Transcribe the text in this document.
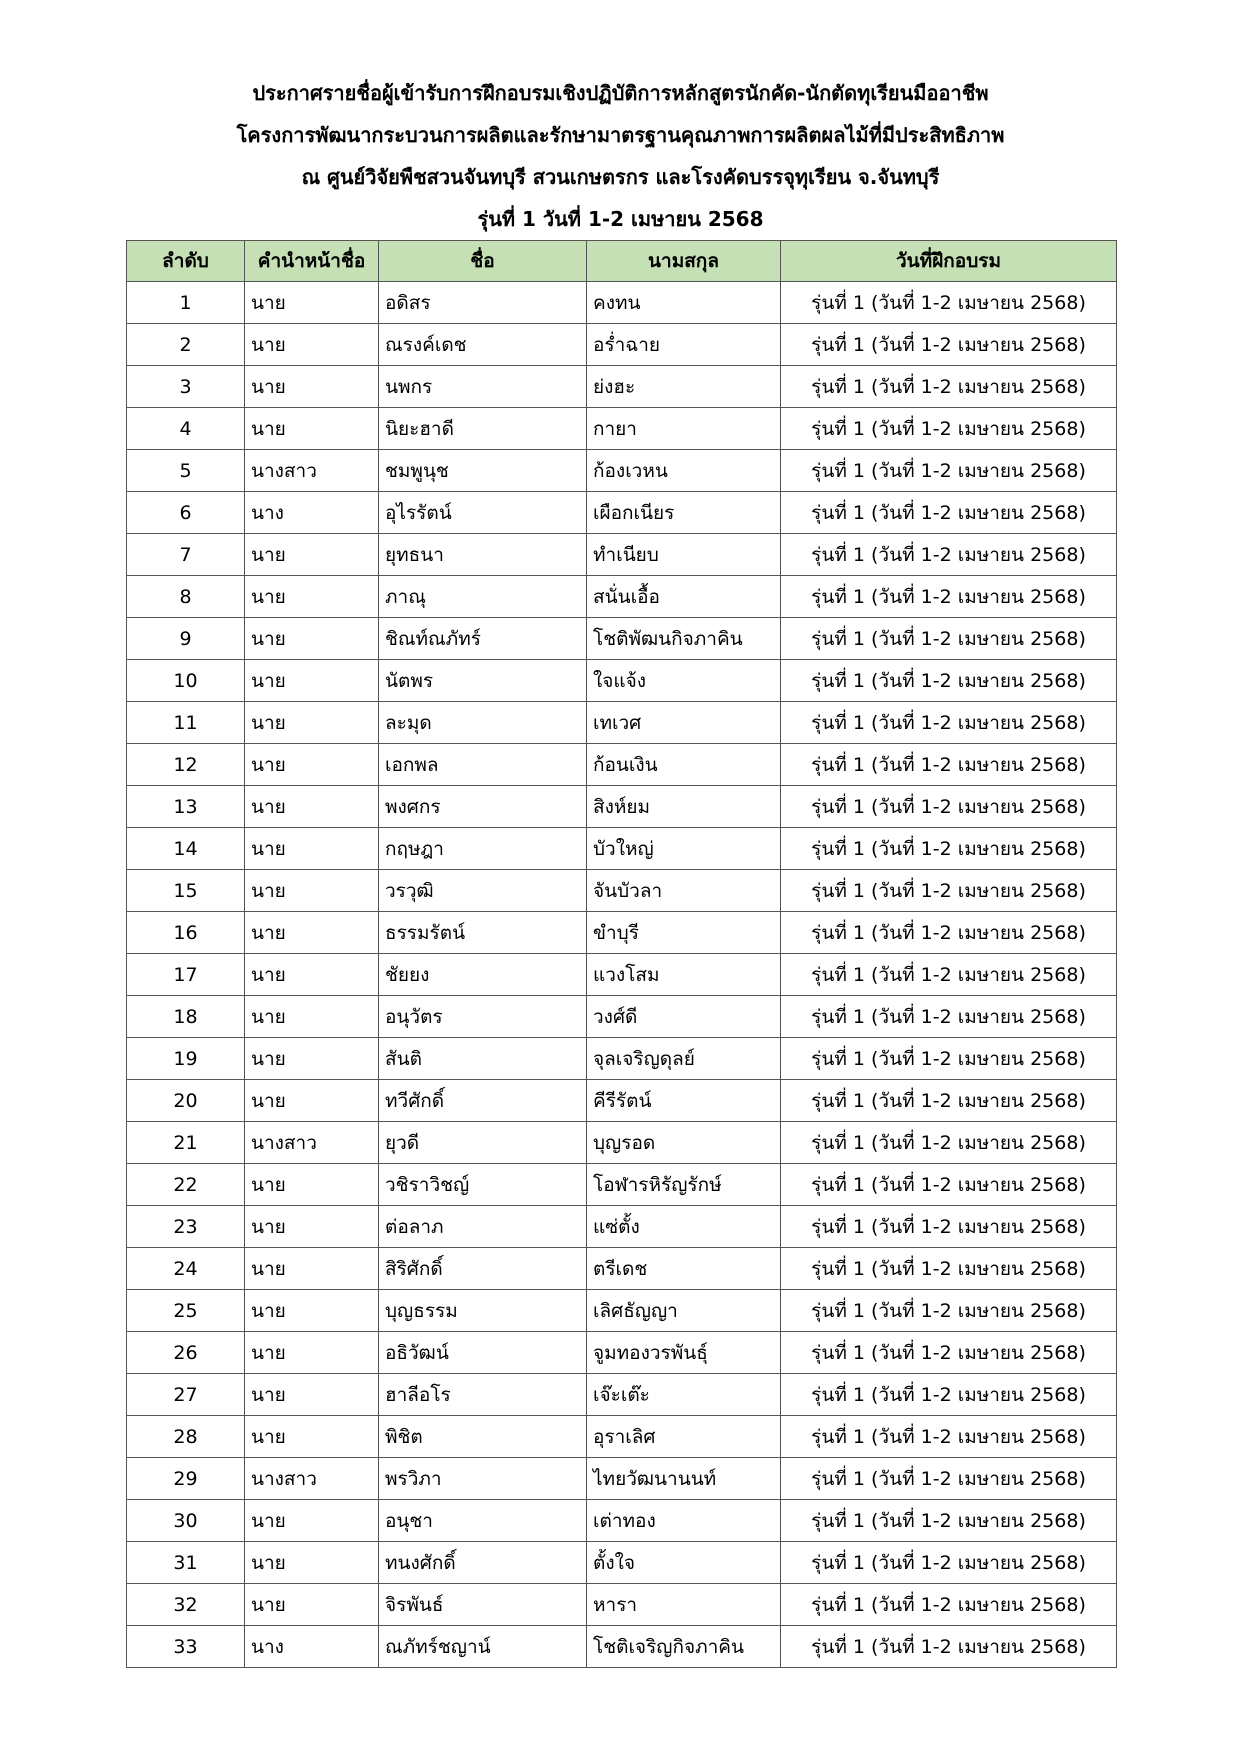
ประกาศรายชื่อผู้เข้ารับการฝึกอบรมเชิงปฏิบัติการหลักสูตรนักคัด-นักตัดทุเรียนมืออาชีพ
โครงการพัฒนากระบวนการผลิตและรักษามาตรฐานคุณภาพการผลิตผลไม้ที่มีประสิทธิภาพ
ณ ศูนย์วิจัยพืชสวนจันทบุรี สวนเกษตรกร และโรงคัดบรรจุทุเรียน จ.จันทบุรี
รุ่นที่ 1 วันที่ 1-2 เมษายน 2568
ลำดับ	คำนำหน้าชื่อ	ชื่อ	นามสกุล	วันที่ฝึกอบรม
1	นาย	อดิสร	คงทน	รุ่นที่ 1 (วันที่ 1-2 เมษายน 2568)
2	นาย	ณรงค์เดช	อร่ำฉาย	รุ่นที่ 1 (วันที่ 1-2 เมษายน 2568)
3	นาย	นพกร	ย่งฮะ	รุ่นที่ 1 (วันที่ 1-2 เมษายน 2568)
4	นาย	นิยะฮาดี	กายา	รุ่นที่ 1 (วันที่ 1-2 เมษายน 2568)
5	นางสาว	ชมพูนุช	ก้องเวหน	รุ่นที่ 1 (วันที่ 1-2 เมษายน 2568)
6	นาง	อุไรรัตน์	เผือกเนียร	รุ่นที่ 1 (วันที่ 1-2 เมษายน 2568)
7	นาย	ยุทธนา	ทำเนียบ	รุ่นที่ 1 (วันที่ 1-2 เมษายน 2568)
8	นาย	ภาณุ	สนั่นเอื้อ	รุ่นที่ 1 (วันที่ 1-2 เมษายน 2568)
9	นาย	ชิณท์ณภัทร์	โชติพัฒนกิจภาคิน	รุ่นที่ 1 (วันที่ 1-2 เมษายน 2568)
10	นาย	นัตพร	ใจแจ้ง	รุ่นที่ 1 (วันที่ 1-2 เมษายน 2568)
11	นาย	ละมุด	เทเวศ	รุ่นที่ 1 (วันที่ 1-2 เมษายน 2568)
12	นาย	เอกพล	ก้อนเงิน	รุ่นที่ 1 (วันที่ 1-2 เมษายน 2568)
13	นาย	พงศกร	สิงห์ยม	รุ่นที่ 1 (วันที่ 1-2 เมษายน 2568)
14	นาย	กฤษฎา	บัวใหญ่	รุ่นที่ 1 (วันที่ 1-2 เมษายน 2568)
15	นาย	วรวุฒิ	จันบัวลา	รุ่นที่ 1 (วันที่ 1-2 เมษายน 2568)
16	นาย	ธรรมรัตน์	ขำบุรี	รุ่นที่ 1 (วันที่ 1-2 เมษายน 2568)
17	นาย	ชัยยง	แวงโสม	รุ่นที่ 1 (วันที่ 1-2 เมษายน 2568)
18	นาย	อนุวัตร	วงศ์ดี	รุ่นที่ 1 (วันที่ 1-2 เมษายน 2568)
19	นาย	สันติ	จุลเจริญดุลย์	รุ่นที่ 1 (วันที่ 1-2 เมษายน 2568)
20	นาย	ทวีศักดิ์	คีรีรัตน์	รุ่นที่ 1 (วันที่ 1-2 เมษายน 2568)
21	นางสาว	ยุวดี	บุญรอด	รุ่นที่ 1 (วันที่ 1-2 เมษายน 2568)
22	นาย	วชิราวิชญ์	โอฬารหิรัญรักษ์	รุ่นที่ 1 (วันที่ 1-2 เมษายน 2568)
23	นาย	ต่อลาภ	แซ่ตั้ง	รุ่นที่ 1 (วันที่ 1-2 เมษายน 2568)
24	นาย	สิริศักดิ์	ตรีเดช	รุ่นที่ 1 (วันที่ 1-2 เมษายน 2568)
25	นาย	บุญธรรม	เลิศธัญญา	รุ่นที่ 1 (วันที่ 1-2 เมษายน 2568)
26	นาย	อธิวัฒน์	จูมทองวรพันธุ์	รุ่นที่ 1 (วันที่ 1-2 เมษายน 2568)
27	นาย	ฮาลีอโร	เจ๊ะเต๊ะ	รุ่นที่ 1 (วันที่ 1-2 เมษายน 2568)
28	นาย	พิชิต	อุราเลิศ	รุ่นที่ 1 (วันที่ 1-2 เมษายน 2568)
29	นางสาว	พรวิภา	ไทยวัฒนานนท์	รุ่นที่ 1 (วันที่ 1-2 เมษายน 2568)
30	นาย	อนุชา	เต่าทอง	รุ่นที่ 1 (วันที่ 1-2 เมษายน 2568)
31	นาย	ทนงศักดิ์	ตั้งใจ	รุ่นที่ 1 (วันที่ 1-2 เมษายน 2568)
32	นาย	จิรพันธ์	หารา	รุ่นที่ 1 (วันที่ 1-2 เมษายน 2568)
33	นาง	ณภัทร์ชญาน์	โชติเจริญกิจภาคิน	รุ่นที่ 1 (วันที่ 1-2 เมษายน 2568)
